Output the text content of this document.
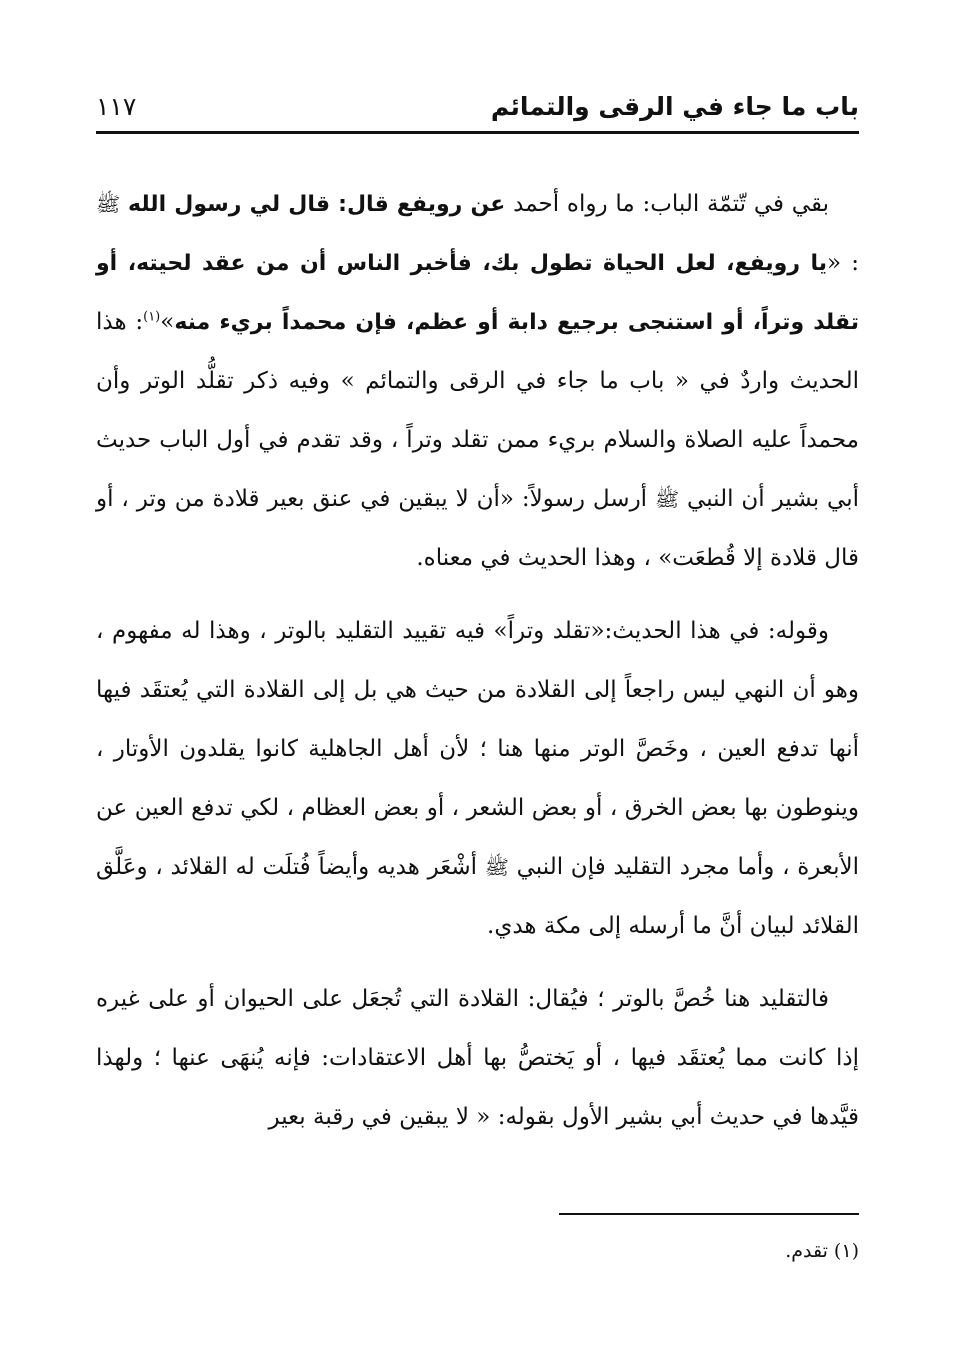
باب ما جاء في الرقى والتمائم
١١٧

بقي في تّتمّة الباب: ما رواه أحمد عن رويفع قال: قال لي رسول الله ﷺ : «يا رويفع، لعل الحياة تطول بك، فأخبر الناس أن من عقد لحيته، أو تقلد وتراً، أو استنجى برجيع دابة أو عظم، فإن محمداً بريء منه»$^{(١)}$: هذا الحديث واردٌ في « باب ما جاء في الرقى والتمائم » وفيه ذكر تقلُّد الوتر وأن محمداً عليه الصلاة والسلام بريء ممن تقلد وتراً ، وقد تقدم في أول الباب حديث أبي بشير أن النبي ﷺ أرسل رسولاً: «أن لا يبقين في عنق بعير قلادة من وتر ، أو قال قلادة إلا قُطعَت» ، وهذا الحديث في معناه.

وقوله: في هذا الحديث:«تقلد وتراً» فيه تقييد التقليد بالوتر ، وهذا له مفهوم ، وهو أن النهي ليس راجعاً إلى القلادة من حيث هي بل إلى القلادة التي يُعتقَد فيها أنها تدفع العين ، وخَصَّ الوتر منها هنا ؛ لأن أهل الجاهلية كانوا يقلدون الأوتار ، وينوطون بها بعض الخرق ، أو بعض الشعر ، أو بعض العظام ، لكي تدفع العين عن الأبعرة ، وأما مجرد التقليد فإن النبي ﷺ أشْعَر هديه وأيضاً فُتلَت له القلائد ، وعَلَّق القلائد لبيان أنَّ ما أرسله إلى مكة هدي.

فالتقليد هنا خُصَّ بالوتر ؛ فيُقال: القلادة التي تُجعَل على الحيوان أو على غيره إذا كانت مما يُعتقَد فيها ، أو يَختصُّ بها أهل الاعتقادات: فإنه يُنهَى عنها ؛ ولهذا قيَّدها في حديث أبي بشير الأول بقوله: « لا يبقين في رقبة بعير

(١) تقدم.
